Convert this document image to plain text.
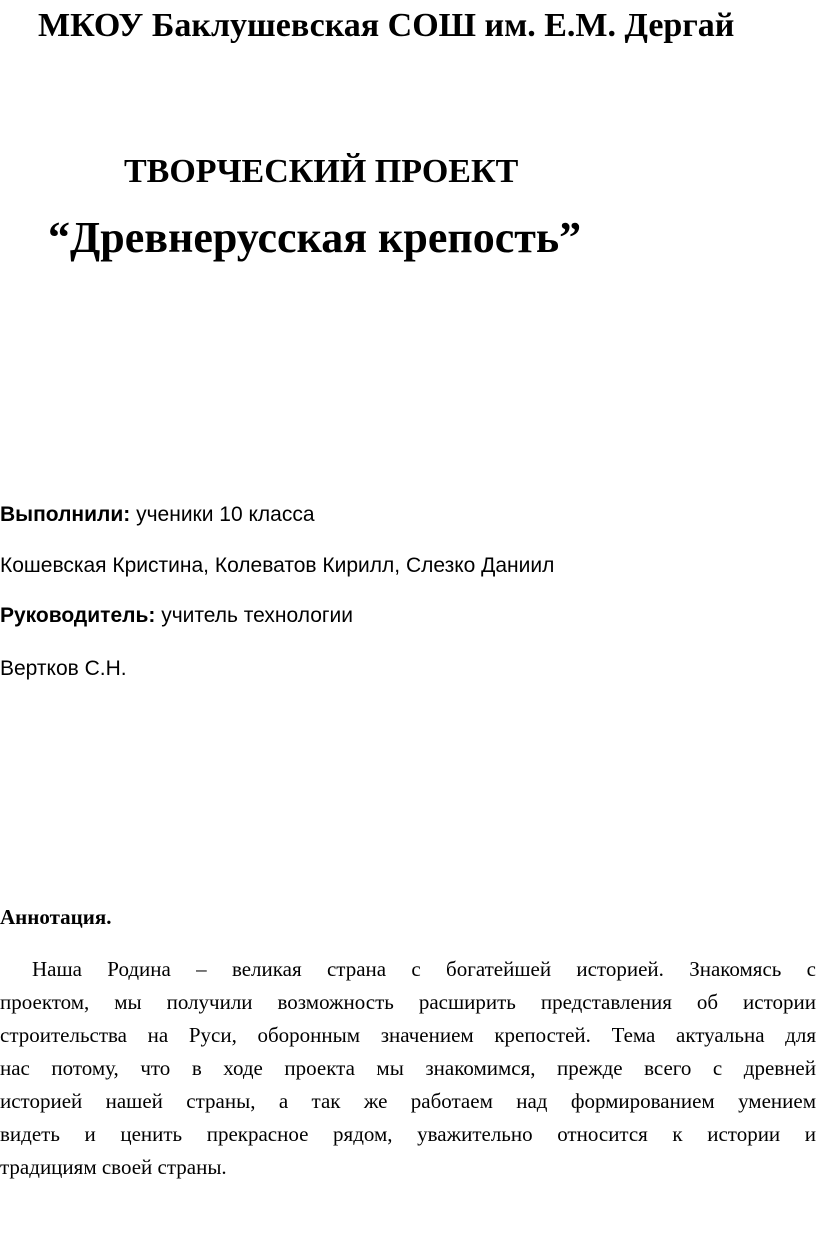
МКОУ Баклушевская СОШ им. Е.М. Дергай
ТВОРЧЕСКИЙ ПРОЕКТ
“Древнерусская крепость”
Выполнили: ученики 10 класса
Кошевская Кристина, Колеватов Кирилл, Слезко Даниил
Руководитель: учитель технологии
Вертков С.Н.
Аннотация.
Наша Родина – великая страна с богатейшей историей. Знакомясь с
проектом, мы получили возможность расширить представления об истории
строительства на Руси, оборонным значением крепостей. Тема актуальна для
нас потому, что в ходе проекта мы знакомимся, прежде всего с древней
историей нашей страны, а так же работаем над формированием умением
видеть и ценить прекрасное рядом, уважительно относится к истории и
традициям своей страны.
